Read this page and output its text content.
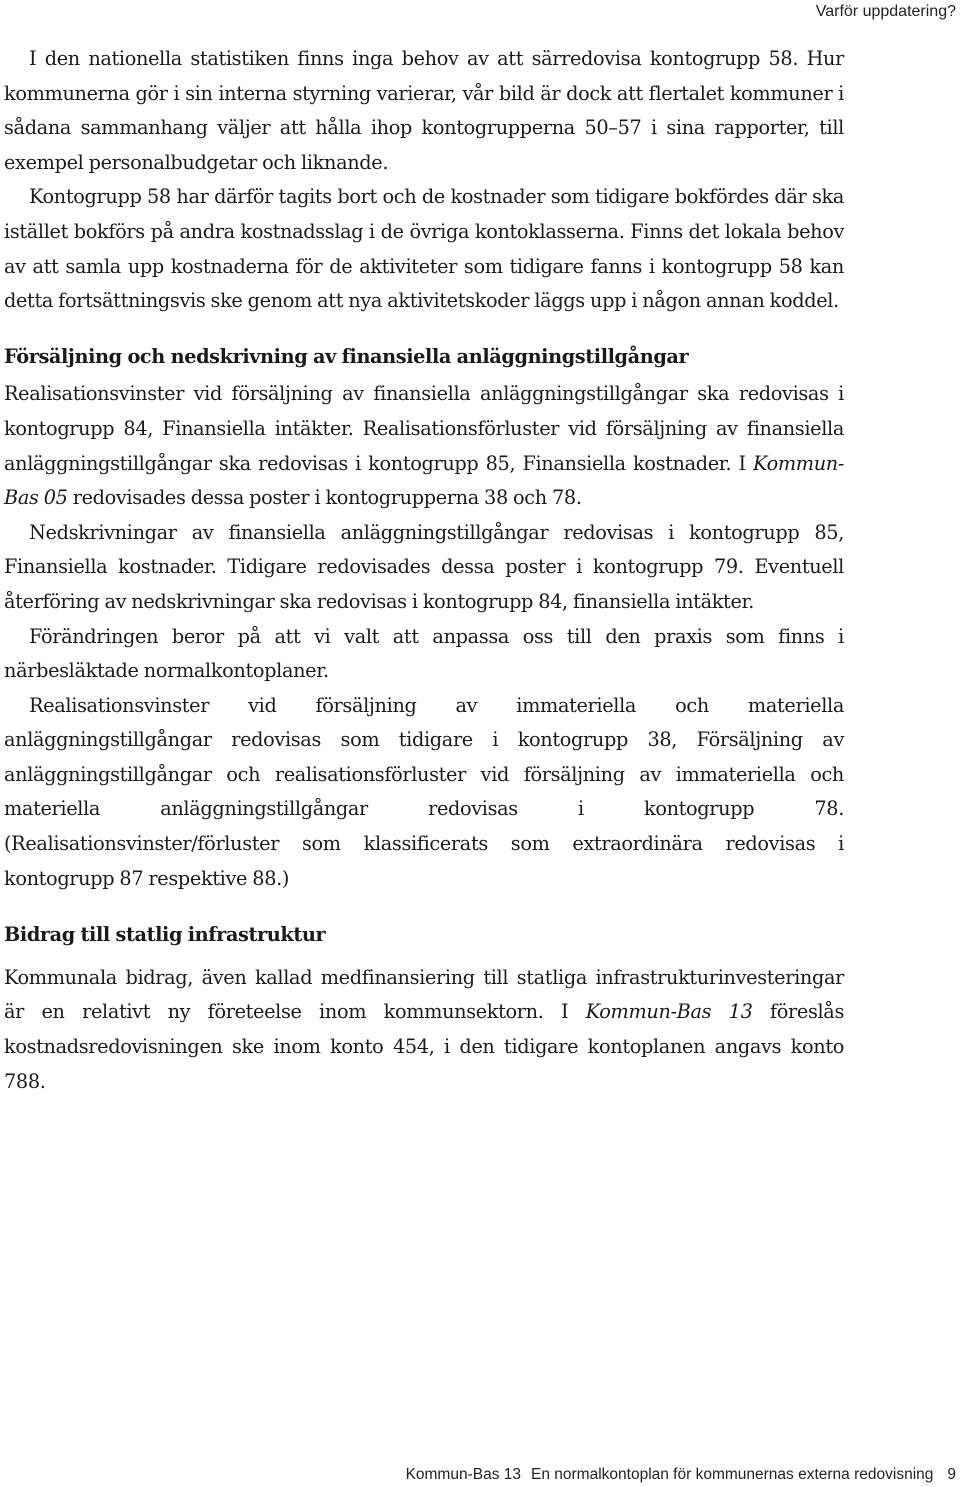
Varför uppdatering?

I den nationella statistiken finns inga behov av att särredovisa kontogrupp 58. Hur kommunerna gör i sin interna styrning varierar, vår bild är dock att flertalet kommuner i sådana sammanhang väljer att hålla ihop kontogrupperna 50–57 i sina rapporter, till exempel personalbudgetar och liknande.

Kontogrupp 58 har därför tagits bort och de kostnader som tidigare bokfördes där ska istället bokförs på andra kostnadsslag i de övriga kontoklasserna. Finns det lokala behov av att samla upp kostnaderna för de aktiviteter som tidigare fanns i kontogrupp 58 kan detta fortsättningsvis ske genom att nya aktivitetskoder läggs upp i någon annan koddel.

Försäljning och nedskrivning av finansiella anläggningstillgångar

Realisationsvinster vid försäljning av finansiella anläggningstillgångar ska redovisas i kontogrupp 84, Finansiella intäkter. Realisationsförluster vid försäljning av finansiella anläggningstillgångar ska redovisas i kontogrupp 85, Finansiella kostnader. I Kommun-Bas 05 redovisades dessa poster i kontogrupperna 38 och 78.

Nedskrivningar av finansiella anläggningstillgångar redovisas i kontogrupp 85, Finansiella kostnader. Tidigare redovisades dessa poster i kontogrupp 79. Eventuell återföring av nedskrivningar ska redovisas i kontogrupp 84, finansiella intäkter.

Förändringen beror på att vi valt att anpassa oss till den praxis som finns i närbesläktade normalkontoplaner.

Realisationsvinster vid försäljning av immateriella och materiella anläggningstillgångar redovisas som tidigare i kontogrupp 38, Försäljning av anläggningstillgångar och realisationsförluster vid försäljning av immateriella och materiella anläggningstillgångar redovisas i kontogrupp 78. (Realisationsvinster/förluster som klassificerats som extraordinära redovisas i kontogrupp 87 respektive 88.)

Bidrag till statlig infrastruktur

Kommunala bidrag, även kallad medfinansiering till statliga infrastrukturinvesteringar är en relativt ny företeelse inom kommunsektorn. I Kommun-Bas 13 föreslås kostnadsredovisningen ske inom konto 454, i den tidigare kontoplanen angavs konto 788.

Kommun-Bas 13 En normalkontoplan för kommunernas externa redovisning 9
